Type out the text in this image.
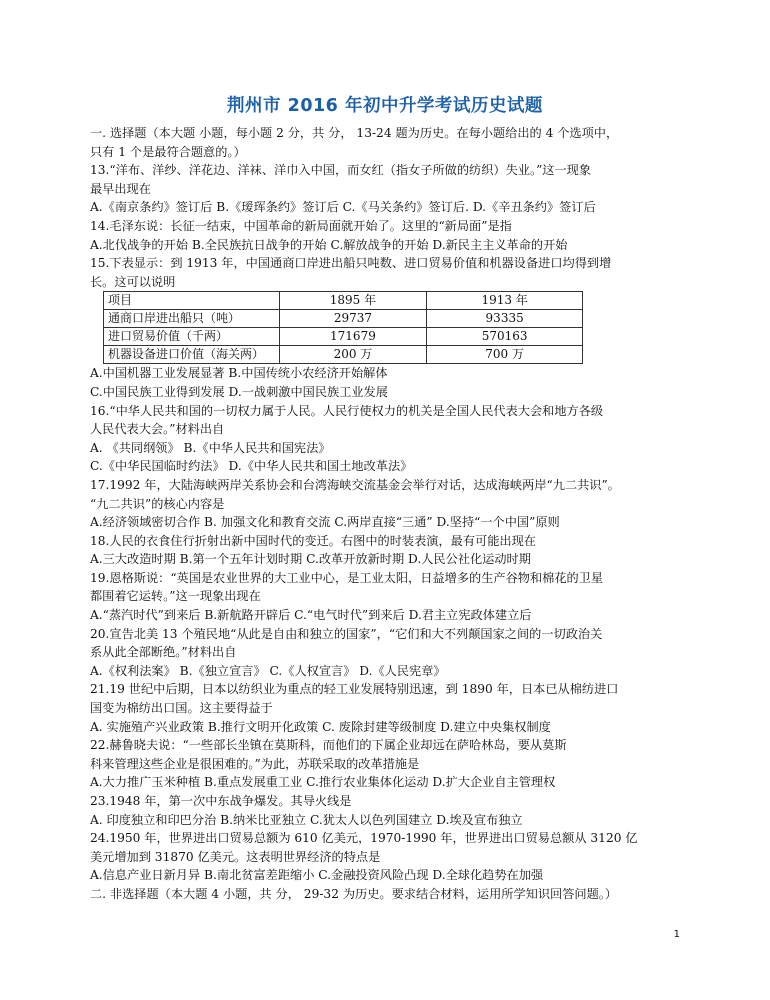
荆州市 2016 年初中升学考试历史试题

一. 选择题（本大题 小题，每小题 2 分，共 分， 13-24 题为历史。在每小题给出的 4 个选项中，

只有 1 个是最符合题意的。）

13.“洋布、洋纱、洋花边、洋袜、洋巾入中国，而女红（指女子所做的纺织）失业。”这一现象

最早出现在

A.《南京条约》签订后 B.《瑷珲条约》签订后 C.《马关条约》签订后. D.《辛丑条约》签订后

14.毛泽东说：长征一结束，中国革命的新局面就开始了。这里的“新局面”是指

A.北伐战争的开始 B.全民族抗日战争的开始 C.解放战争的开始 D.新民主主义革命的开始

15.下表显示：到 1913 年，中国通商口岸进出船只吨数、进口贸易价值和机器设备进口均得到增

长。这可以说明

项目	1895 年	1913 年
通商口岸进出船只（吨）	29737	93335
进口贸易价值（千两）	171679	570163
机器设备进口价值（海关两）	200 万	700 万

A.中国机器工业发展显著 B.中国传统小农经济开始解体

C.中国民族工业得到发展 D.一战刺激中国民族工业发展

16.“中华人民共和国的一切权力属于人民。人民行使权力的机关是全国人民代表大会和地方各级

人民代表大会。”材料出自

A. 《共同纲领》 B.《中华人民共和国宪法》

C.《中华民国临时约法》 D.《中华人民共和国土地改革法》

17.1992 年，大陆海峡两岸关系协会和台湾海峡交流基金会举行对话，达成海峡两岸“九二共识”。

“九二共识”的核心内容是

A.经济领域密切合作 B. 加强文化和教育交流 C.两岸直接“三通” D.坚持“一个中国”原则

18.人民的衣食住行折射出新中国时代的变迁。右图中的时装表演，最有可能出现在

A.三大改造时期 B.第一个五年计划时期 C.改革开放新时期 D.人民公社化运动时期

19.恩格斯说：“英国是农业世界的大工业中心，是工业太阳，日益增多的生产谷物和棉花的卫星

都围着它运转。”这一现象出现在

A.“蒸汽时代”到来后 B.新航路开辟后 C.“电气时代”到来后 D.君主立宪政体建立后

20.宣告北美 13 个殖民地“从此是自由和独立的国家”，“它们和大不列颠国家之间的一切政治关

系从此全部断绝。”材料出自

A.《权利法案》 B.《独立宣言》 C.《人权宣言》 D.《人民宪章》

21.19 世纪中后期，日本以纺织业为重点的轻工业发展特别迅速，到 1890 年，日本已从棉纺进口

国变为棉纺出口国。这主要得益于

A. 实施殖产兴业政策 B.推行文明开化政策 C. 废除封建等级制度 D.建立中央集权制度

22.赫鲁晓夫说：“一些部长坐镇在莫斯科，而他们的下属企业却远在萨哈林岛，要从莫斯

科来管理这些企业是很困难的。”为此，苏联采取的改革措施是

A.大力推广玉米种植 B.重点发展重工业 C.推行农业集体化运动 D.扩大企业自主管理权

23.1948 年，第一次中东战争爆发。其导火线是

A. 印度独立和印巴分治 B.纳米比亚独立 C.犹太人以色列国建立 D.埃及宣布独立

24.1950 年，世界进出口贸易总额为 610 亿美元，1970-1990 年，世界进出口贸易总额从 3120 亿

美元增加到 31870 亿美元。这表明世界经济的特点是

A.信息产业日新月异 B.南北贫富差距缩小 C.金融投资风险凸现 D.全球化趋势在加强

二. 非选择题（本大题 4 小题，共 分， 29-32 为历史。要求结合材料，运用所学知识回答问题。）

1
